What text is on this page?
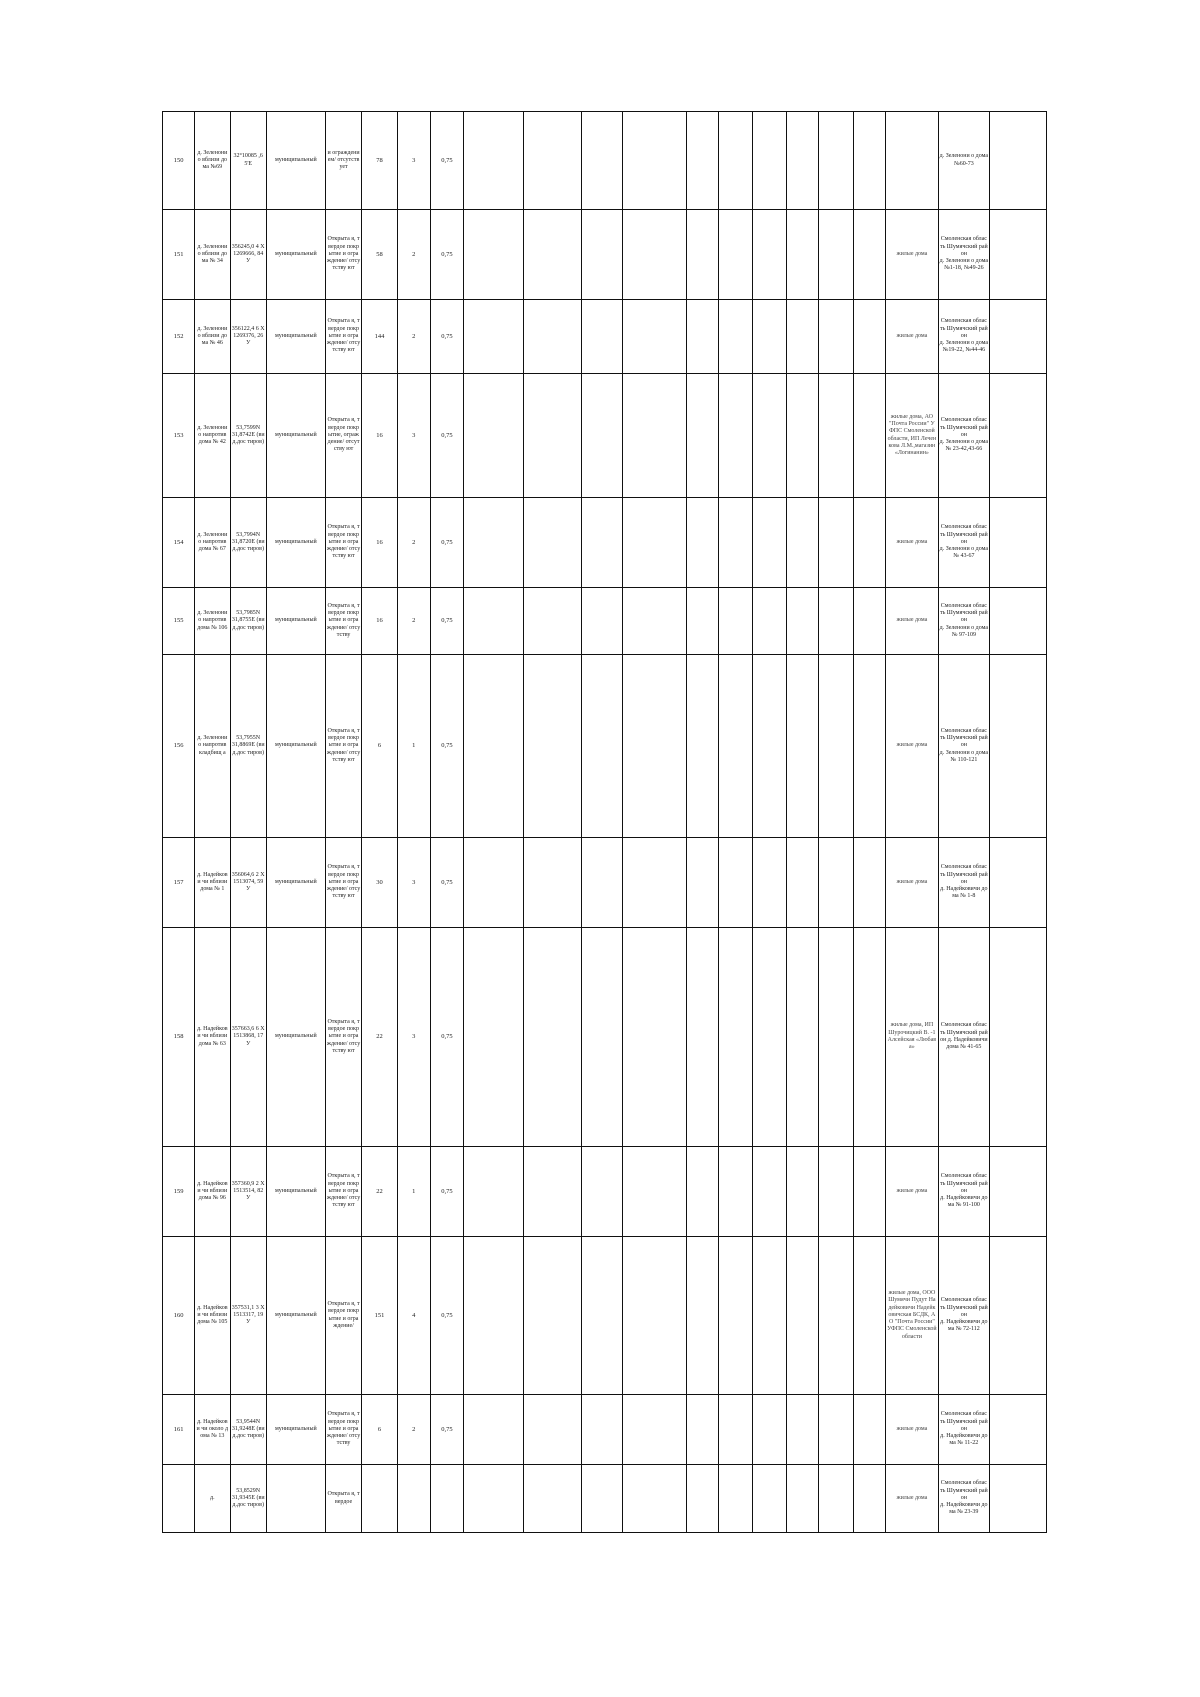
150	д. Зеленони о вблизи дома №69	32°10085 ,65'Е	муниципальный	и ограждением/ отсутствует	78	3	0,75												д. Зеленони о дома
№60-73	

151	д. Зеленони о вблизи дома № 34	356245,0 4 Х
1269666, 84 У	муниципальный	Открыта я, твердое покрытие и ограждение/ отсутству ют	58	2	0,75											жилые дома	Смоленская область Шумячский район
д. Зеленони о дома №1-18, №49-26	

152	д. Зеленони о вблизи дома № 46	356122,4 6 Х
1269376, 26У	муниципальный	Открыта я, твердое покрытие и ограждение/ отсутству ют	144	2	0,75											жилые дома	Смоленская область Шумячский район
д. Зеленони о дома №19-22, №44-46	

153	д. Зеленони о напротив дома № 42	53,7599N
31,8742Е (вид.дос тиров)	муниципальный	Открыта я, твердое покрытие, ограждение/ отсутству ют	16	3	0,75											жилые дома, АО "Почта России" УФПС Смоленской области, ИП Леченкова Л.М.,магазин «Логинанин»	Смоленская область Шумячский район
д. Зеленони о дома № 23-42,43-66	

154	д. Зеленони о напротив дома № 67	53,7994N
31,8720Е (вид.дос тиров)	муниципальный	Открыта я, твердое покрытие и ограждение/ отсутству ют	16	2	0,75											жилые дома	Смоленская область Шумячский район
д. Зеленони о дома № 43-67	

155	д. Зеленони о напротив дома № 106	53,7985N
31,8755Е (вид.дос тиров)	муниципальный	Открыта я, твердое покрытие и ограждение/ отсутству	16	2	0,75											жилые дома	Смоленская область Шумячский район
д. Зеленони о дома № 97-109	

156	д. Зеленони о напротив кладбищ а	53,7955N
31,8869Е (вид.дос тиров)	муниципальный	Открыта я, твердое покрытие и ограждение/ отсутству ют	6	1	0,75											жилые дома	Смоленская область Шумячский район
д. Зеленони о дома № 110-121	

157	д. Надейкови чи вблизи дома № 1	356064,6 2 Х
1513074, 59У	муниципальный	Открыта я, твердое покрытие и ограждение/ отсутству ют	30	3	0,75											жилые дома	Смоленская область Шумячский район
д. Надейковичи дома № 1-8	

158	д. Надейкови чи вблизи дома № 63	357663,6 6 Х 1513868, 17У	муниципальный	Открыта я, твердое покрытие и ограждение/ отсутству ют	22	3	0,75											жилые дома, ИП Шурочицкий В. -1 Алсейская «Любава»	Смоленская область Шумячский район д. Надейковичи дома № 41-65	

159	д. Надейкови чи вблизи дома № 96	357360,9 2 Х
1513514, 82У	муниципальный	Открыта я, твердое покрытие и ограждение/ отсутству ют	22	1	0,75											жилые дома	Смоленская область Шумячский район
д. Надейковичи дома № 91-100	

160	д. Надейкови чи вблизи дома № 105	357531,1 3 Х 1513317, 19У	муниципальный	Открыта я, твердое покрытие и ограждение/	151	4	0,75											жилые дома, ООО Шумячи Пудут Надейковичи Надейковичская БСДК, АО "Почта России" УФПС Смоленской области	Смоленская область Шумячский район
д. Надейковичи дома № 72-112	

161	д. Надейкови чи около дома № 13	53,9544N
31,9248Е (вид.дос тиров)	муниципальный	Открыта я, твердое покрытие и ограждение/ отсутству	6	2	0,75											жилые дома	Смоленская область Шумячский район
д. Надейковичи дома № 11-22	

	д.	53,8529N
31,9345Е (вид.дос тиров)		Открыта я, твердое														жилые дома	Смоленская область Шумячский район
д. Надейковичи дома № 23-39	
